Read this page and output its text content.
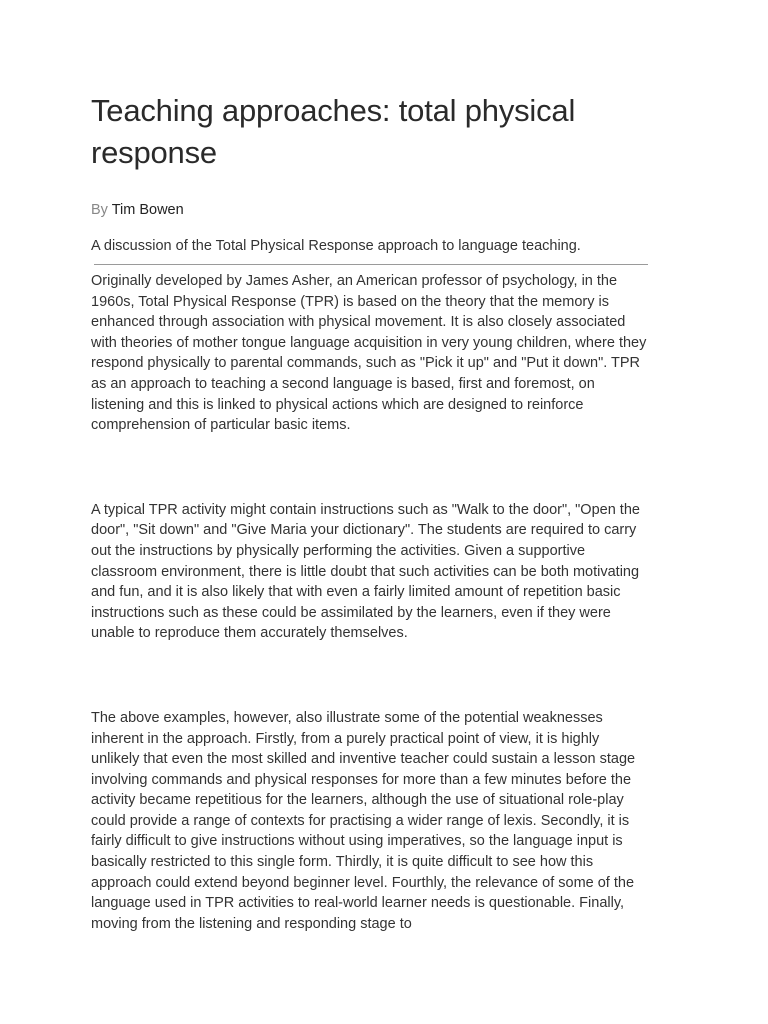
Teaching approaches: total physical response
By Tim Bowen
A discussion of the Total Physical Response approach to language teaching.

Originally developed by James Asher, an American professor of psychology, in the 1960s, Total Physical Response (TPR) is based on the theory that the memory is enhanced through association with physical movement. It is also closely associated with theories of mother tongue language acquisition in very young children, where they respond physically to parental commands, such as "Pick it up" and "Put it down". TPR as an approach to teaching a second language is based, first and foremost, on listening and this is linked to physical actions which are designed to reinforce comprehension of particular basic items.

A typical TPR activity might contain instructions such as "Walk to the door", "Open the door", "Sit down" and "Give Maria your dictionary". The students are required to carry out the instructions by physically performing the activities. Given a supportive classroom environment, there is little doubt that such activities can be both motivating and fun, and it is also likely that with even a fairly limited amount of repetition basic instructions such as these could be assimilated by the learners, even if they were unable to reproduce them accurately themselves.

The above examples, however, also illustrate some of the potential weaknesses inherent in the approach. Firstly, from a purely practical point of view, it is highly unlikely that even the most skilled and inventive teacher could sustain a lesson stage involving commands and physical responses for more than a few minutes before the activity became repetitious for the learners, although the use of situational role-play could provide a range of contexts for practising a wider range of lexis. Secondly, it is fairly difficult to give instructions without using imperatives, so the language input is basically restricted to this single form. Thirdly, it is quite difficult to see how this approach could extend beyond beginner level. Fourthly, the relevance of some of the language used in TPR activities to real-world learner needs is questionable. Finally, moving from the listening and responding stage to
